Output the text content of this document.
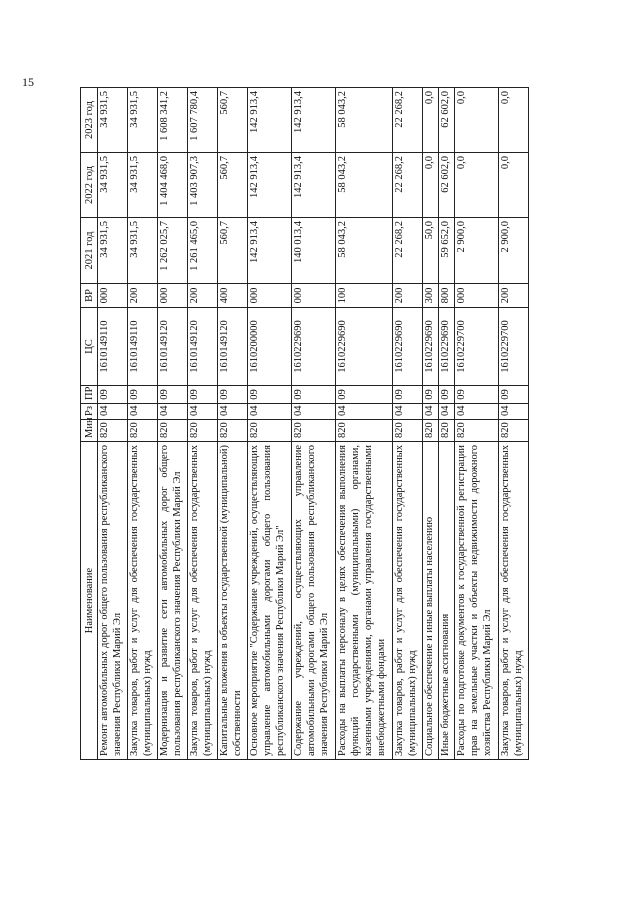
15
Наименование	Мин	Рз	ПР	ЦС	ВР	2021 год	2022 год	2023 год
Ремонт автомобильных дорог общего пользования республиканского значения Республики Марий Эл	820	04	09	1610149110	000	34 931,5	34 931,5	34 931,5
Закупка товаров, работ и услуг для обеспечения государственных (муниципальных) нужд	820	04	09	1610149110	200	34 931,5	34 931,5	34 931,5
Модернизация и развитие сети автомобильных дорог общего пользования республиканского значения Республики Марий Эл	820	04	09	1610149120	000	1 262 025,7	1 404 468,0	1 608 341,2
Закупка товаров, работ и услуг для обеспечения государственных (муниципальных) нужд	820	04	09	1610149120	200	1 261 465,0	1 403 907,3	1 607 780,4
Капитальные вложения в объекты государственной (муниципальной) собственности	820	04	09	1610149120	400	560,7	560,7	560,7
Основное мероприятие "Содержание учреждений, осуществляющих управление автомобильными дорогами общего пользования республиканского значения Республики Марий Эл"	820	04	09	1610200000	000	142 913,4	142 913,4	142 913,4
Содержание учреждений, осуществляющих управление автомобильными дорогами общего пользования республиканского значения Республики Марий Эл	820	04	09	1610229690	000	140 013,4	142 913,4	142 913,4
Расходы на выплаты персоналу в целях обеспечения выполнения функций государственными (муниципальными) органами, казенными учреждениями, органами управления государственными внебюджетными фондами	820	04	09	1610229690	100	58 043,2	58 043,2	58 043,2
Закупка товаров, работ и услуг для обеспечения государственных (муниципальных) нужд	820	04	09	1610229690	200	22 268,2	22 268,2	22 268,2
Социальное обеспечение и иные выплаты населению	820	04	09	1610229690	300	50,0	0,0	0,0
Иные бюджетные ассигнования	820	04	09	1610229690	800	59 652,0	62 602,0	62 602,0
Расходы по подготовке документов к государственной регистрации прав на земельные участки и объекты недвижимости дорожного хозяйства Республики Марий Эл	820	04	09	1610229700	000	2 900,0	0,0	0,0
Закупка товаров, работ и услуг для обеспечения государственных (муниципальных) нужд	820	04	09	1610229700	200	2 900,0	0,0	0,0
